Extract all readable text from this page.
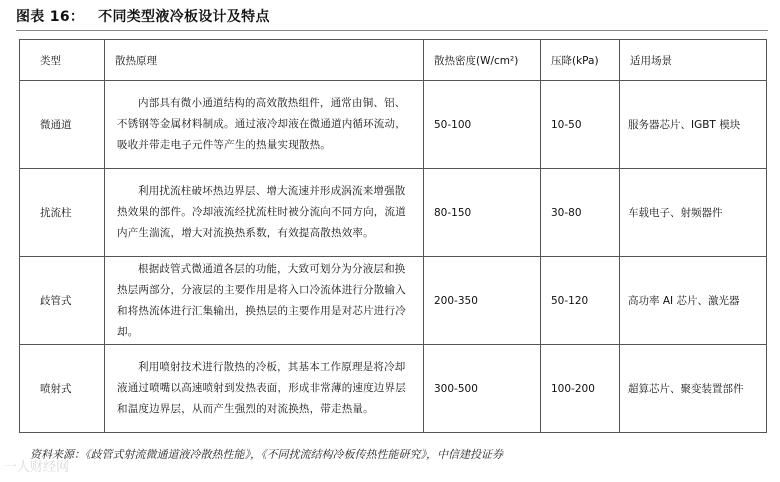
图表 16： 不同类型液冷板设计及特点
类型	散热原理	散热密度(W/cm²)	压降(kPa)	适用场景
微通道	内部具有微小通道结构的高效散热组件，通常由铜、铝、不锈钢等金属材料制成。通过液冷却液在微通道内循环流动，吸收并带走电子元件等产生的热量实现散热。	50-100	10-50	服务器芯片、IGBT 模块
扰流柱	利用扰流柱破坏热边界层、增大流速并形成涡流来增强散热效果的部件。冷却液流经扰流柱时被分流向不同方向，流道内产生湍流，增大对流换热系数，有效提高散热效率。	80-150	30-80	车载电子、射频器件
歧管式	根据歧管式微通道各层的功能，大致可划分为分液层和换热层两部分，分液层的主要作用是将入口冷流体进行分散输入和将热流体进行汇集输出，换热层的主要作用是对芯片进行冷却。	200-350	50-120	高功率 AI 芯片、激光器
喷射式	利用喷射技术进行散热的冷板，其基本工作原理是将冷却液通过喷嘴以高速喷射到发热表面，形成非常薄的速度边界层和温度边界层，从而产生强烈的对流换热，带走热量。	300-500	100-200	超算芯片、聚变装置部件
资料来源：《歧管式射流微通道液冷散热性能》，《不同扰流结构冷板传热性能研究》，中信建投证券
一人财经网
